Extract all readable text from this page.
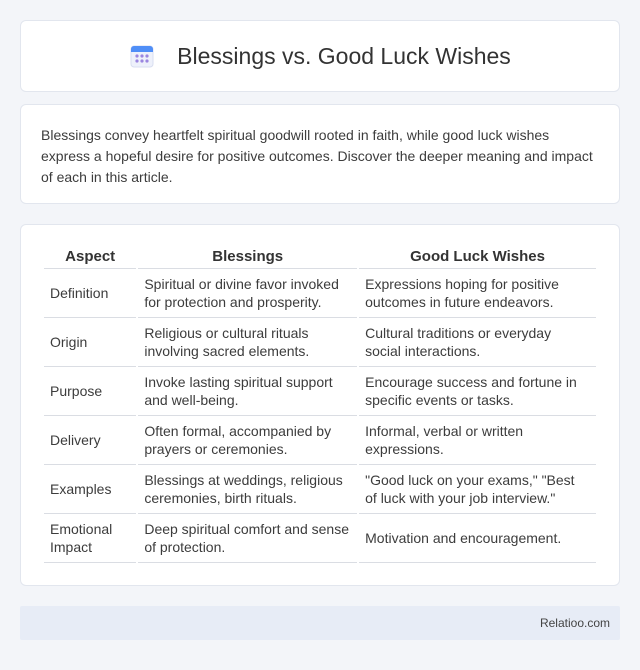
Blessings vs. Good Luck Wishes

Blessings convey heartfelt spiritual goodwill rooted in faith, while good luck wishes express a hopeful desire for positive outcomes. Discover the deeper meaning and impact of each in this article.

Aspect	Blessings	Good Luck Wishes
Definition	Spiritual or divine favor invoked for protection and prosperity.	Expressions hoping for positive outcomes in future endeavors.
Origin	Religious or cultural rituals involving sacred elements.	Cultural traditions or everyday social interactions.
Purpose	Invoke lasting spiritual support and well-being.	Encourage success and fortune in specific events or tasks.
Delivery	Often formal, accompanied by prayers or ceremonies.	Informal, verbal or written expressions.
Examples	Blessings at weddings, religious ceremonies, birth rituals.	"Good luck on your exams," "Best of luck with your job interview."
Emotional Impact	Deep spiritual comfort and sense of protection.	Motivation and encouragement.
Relatioo.com
